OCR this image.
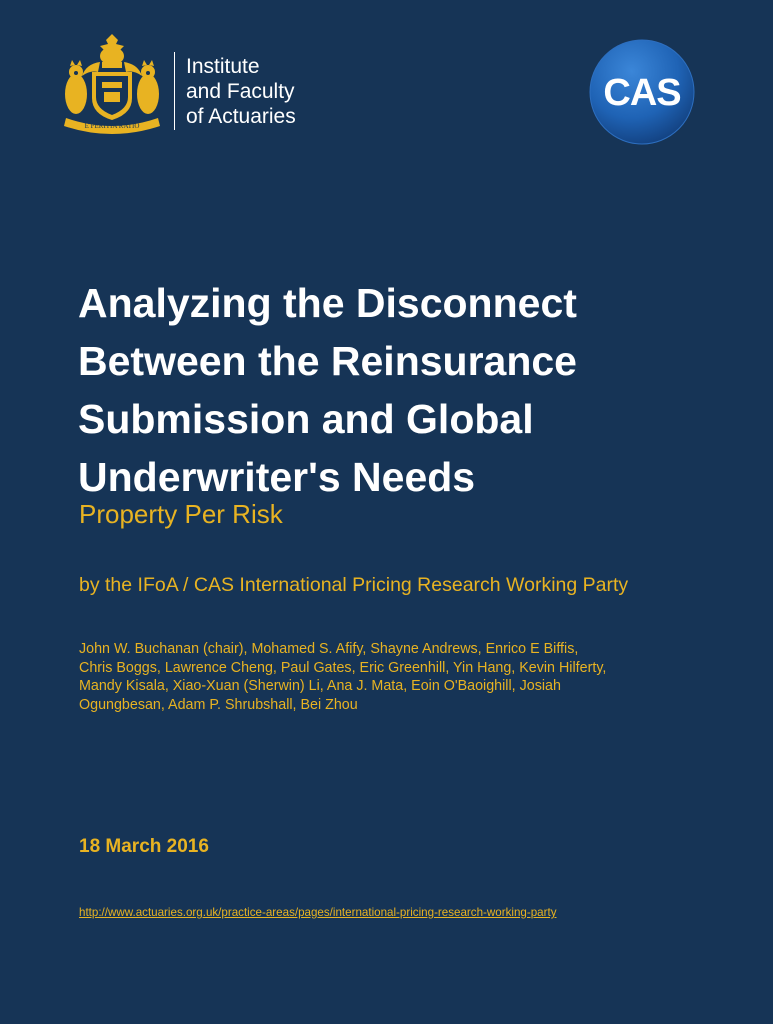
E PERITIA RATIO
Institute
and Faculty
of Actuaries
CAS
Analyzing the Disconnect
Between the Reinsurance
Submission and Global
Underwriter's Needs
Property Per Risk
by the IFoA / CAS International Pricing Research Working Party
John W. Buchanan (chair), Mohamed S. Afify, Shayne Andrews, Enrico E Biffis,
Chris Boggs, Lawrence Cheng, Paul Gates, Eric Greenhill, Yin Hang, Kevin Hilferty,
Mandy Kisala, Xiao-Xuan (Sherwin) Li, Ana J. Mata, Eoin O'Baoighill, Josiah
Ogungbesan, Adam P. Shrubshall, Bei Zhou
18 March 2016
http://www.actuaries.org.uk/practice-areas/pages/international-pricing-research-working-party
